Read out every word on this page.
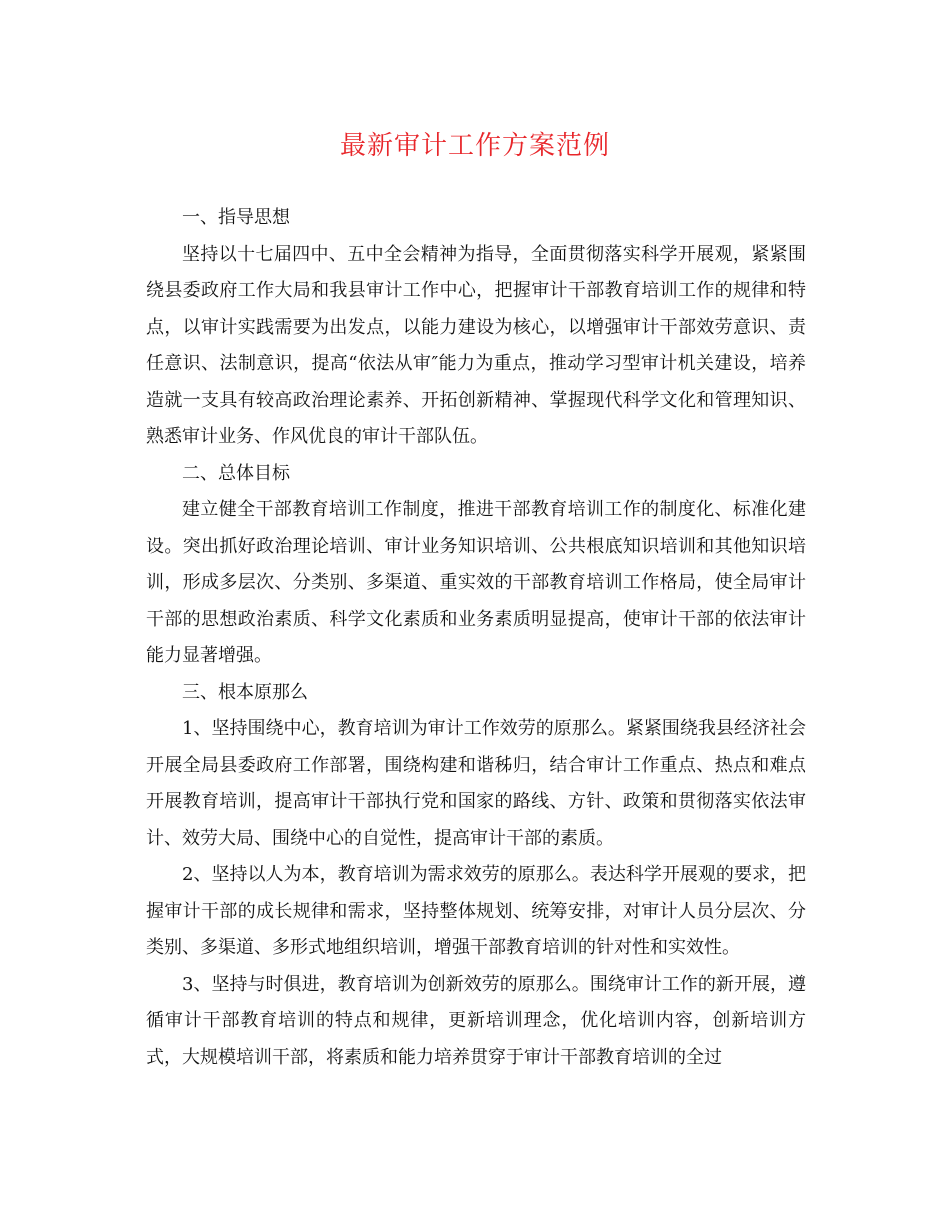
最新审计工作方案范例

一、指导思想

坚持以十七届四中、五中全会精神为指导，全面贯彻落实科学开展观，紧紧围绕县委政府工作大局和我县审计工作中心，把握审计干部教育培训工作的规律和特点，以审计实践需要为出发点，以能力建设为核心，以增强审计干部效劳意识、责任意识、法制意识，提高“依法从审″能力为重点，推动学习型审计机关建设，培养造就一支具有较高政治理论素养、开拓创新精神、掌握现代科学文化和管理知识、熟悉审计业务、作风优良的审计干部队伍。

二、总体目标

建立健全干部教育培训工作制度，推进干部教育培训工作的制度化、标准化建设。突出抓好政治理论培训、审计业务知识培训、公共根底知识培训和其他知识培训，形成多层次、分类别、多渠道、重实效的干部教育培训工作格局，使全局审计干部的思想政治素质、科学文化素质和业务素质明显提高，使审计干部的依法审计能力显著增强。

三、根本原那么

1、坚持围绕中心，教育培训为审计工作效劳的原那么。紧紧围绕我县经济社会开展全局县委政府工作部署，围绕构建和谐秭归，结合审计工作重点、热点和难点开展教育培训，提高审计干部执行党和国家的路线、方针、政策和贯彻落实依法审计、效劳大局、围绕中心的自觉性，提高审计干部的素质。

2、坚持以人为本，教育培训为需求效劳的原那么。表达科学开展观的要求，把握审计干部的成长规律和需求，坚持整体规划、统筹安排，对审计人员分层次、分类别、多渠道、多形式地组织培训，增强干部教育培训的针对性和实效性。

3、坚持与时俱进，教育培训为创新效劳的原那么。围绕审计工作的新开展，遵循审计干部教育培训的特点和规律，更新培训理念，优化培训内容，创新培训方式，大规模培训干部，将素质和能力培养贯穿于审计干部教育培训的全过
